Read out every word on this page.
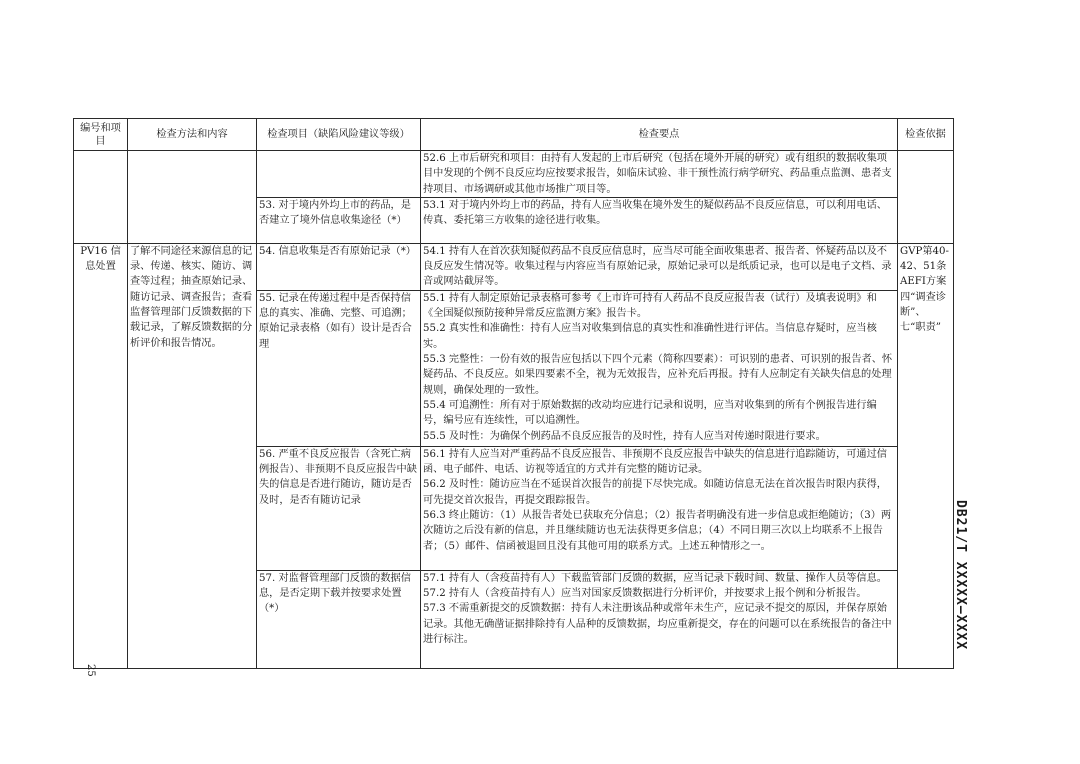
编号和项目	检查方法和内容	检查项目（缺陷风险建议等级）	检查要点	检查依据
			52.6 上市后研究和项目：由持有人发起的上市后研究（包括在境外开展的研究）或有组织的数据收集项目中发现的个例不良反应均应按要求报告，如临床试验、非干预性流行病学研究、药品重点监测、患者支持项目、市场调研或其他市场推广项目等。	
		53. 对于境内外均上市的药品，是否建立了境外信息收集途径（*）	53.1 对于境内外均上市的药品，持有人应当收集在境外发生的疑似药品不良反应信息，可以利用电话、传真、委托第三方收集的途径进行收集。	
PV16 信息处置	了解不同途径来源信息的记录、传递、核实、随访、调查等过程；抽查原始记录、随访记录、调查报告；查看监督管理部门反馈数据的下载记录，了解反馈数据的分析评价和报告情况。	54. 信息收集是否有原始记录（*）	54.1 持有人在首次获知疑似药品不良反应信息时，应当尽可能全面收集患者、报告者、怀疑药品以及不良反应发生情况等。收集过程与内容应当有原始记录，原始记录可以是纸质记录，也可以是电子文档、录音或网站截屏等。	GVP第40-42、51条 AEFI方案四“调查诊断”、七“职责”
		55. 记录在传递过程中是否保持信息的真实、准确、完整、可追溯；原始记录表格（如有）设计是否合理	55.1 持有人制定原始记录表格可参考《上市许可持有人药品不良反应报告表（试行）及填表说明》和《全国疑似预防接种异常反应监测方案》报告卡。
55.2 真实性和准确性：持有人应当对收集到信息的真实性和准确性进行评估。当信息存疑时，应当核实。
55.3 完整性：一份有效的报告应包括以下四个元素（简称四要素）：可识别的患者、可识别的报告者、怀疑药品、不良反应。如果四要素不全，视为无效报告，应补充后再报。持有人应制定有关缺失信息的处理规则，确保处理的一致性。
55.4 可追溯性：所有对于原始数据的改动均应进行记录和说明，应当对收集到的所有个例报告进行编号，编号应有连续性，可以追溯性。
55.5 及时性：为确保个例药品不良反应报告的及时性，持有人应当对传递时限进行要求。	

		56. 严重不良反应报告（含死亡病例报告）、非预期不良反应报告中缺失的信息是否进行随访，随访是否及时，是否有随访记录	56.1 持有人应当对严重药品不良反应报告、非预期不良反应报告中缺失的信息进行追踪随访，可通过信函、电子邮件、电话、访视等适宜的方式并有完整的随访记录。
56.2 及时性：随访应当在不延误首次报告的前提下尽快完成。如随访信息无法在首次报告时限内获得，可先提交首次报告，再提交跟踪报告。
56.3 终止随访：（1）从报告者处已获取充分信息；（2）报告者明确没有进一步信息或拒绝随访；（3）两次随访之后没有新的信息，并且继续随访也无法获得更多信息；（4）不同日期三次以上均联系不上报告者；（5）邮件、信函被退回且没有其他可用的联系方式。上述五种情形之一。	

		57. 对监督管理部门反馈的数据信息，是否定期下载并按要求处置（*）	57.1 持有人（含疫苗持有人）下载监管部门反馈的数据，应当记录下载时间、数量、操作人员等信息。
57.2 持有人（含疫苗持有人）应当对国家反馈数据进行分析评价，并按要求上报个例和分析报告。
57.3 不需重新提交的反馈数据：持有人未注册该品种或常年未生产，应记录不提交的原因，并保存原始记录。其他无确凿证据排除持有人品种的反馈数据，均应重新提交，存在的问题可以在系统报告的备注中进行标注。		DB21/T XXXXX—XXXX
25
